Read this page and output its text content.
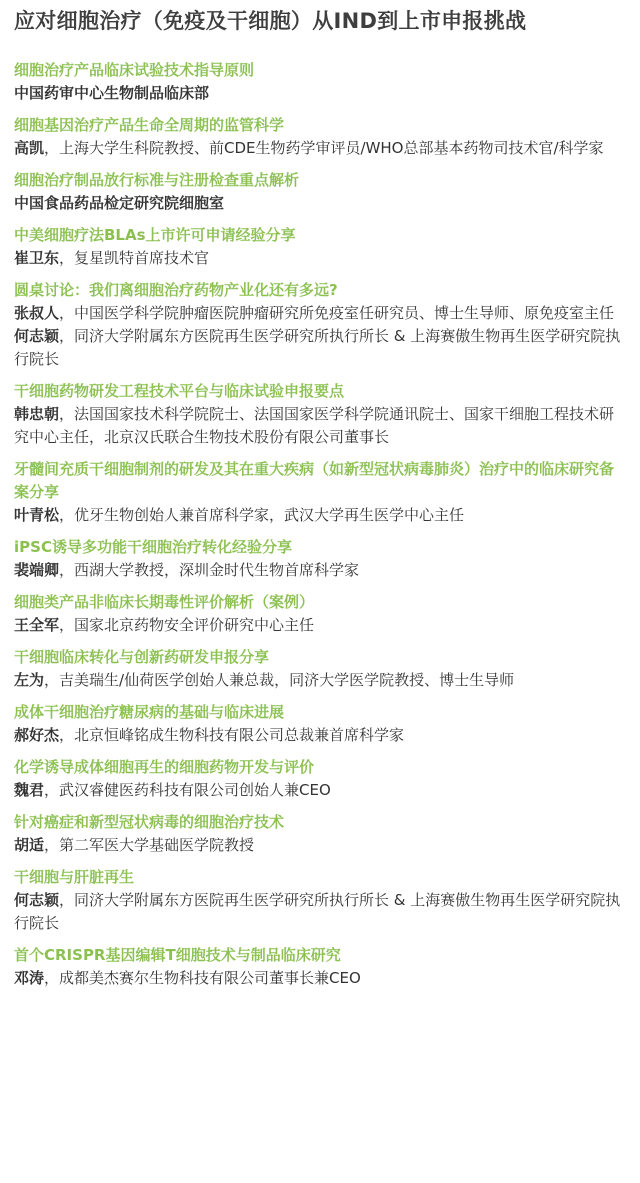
应对细胞治疗（免疫及干细胞）从IND到上市申报挑战

细胞治疗产品临床试验技术指导原则

中国药审中心生物制品临床部

细胞基因治疗产品生命全周期的监管科学

高凯，上海大学生科院教授、前CDE生物药学审评员/WHO总部基本药物司技术官/科学家

细胞治疗制品放行标准与注册检查重点解析

中国食品药品检定研究院细胞室

中美细胞疗法BLAs上市许可申请经验分享

崔卫东，复星凯特首席技术官

圆桌讨论：我们离细胞治疗药物产业化还有多远?

张叔人，中国医学科学院肿瘤医院肿瘤研究所免疫室任研究员、博士生导师、原免疫室主任

何志颖，同济大学附属东方医院再生医学研究所执行所长 & 上海赛傲生物再生医学研究院执行院长

干细胞药物研发工程技术平台与临床试验申报要点

韩忠朝，法国国家技术科学院院士、法国国家医学科学院通讯院士、国家干细胞工程技术研究中心主任，北京汉氏联合生物技术股份有限公司董事长

牙髓间充质干细胞制剂的研发及其在重大疾病（如新型冠状病毒肺炎）治疗中的临床研究备案分享

叶青松，优牙生物创始人兼首席科学家，武汉大学再生医学中心主任

iPSC诱导多功能干细胞治疗转化经验分享

裴端卿，西湖大学教授，深圳金时代生物首席科学家

细胞类产品非临床长期毒性评价解析（案例）

王全军，国家北京药物安全评价研究中心主任

干细胞临床转化与创新药研发申报分享

左为，吉美瑞生/仙荷医学创始人兼总裁，同济大学医学院教授、博士生导师

成体干细胞治疗糖尿病的基础与临床进展

郝好杰，北京恒峰铭成生物科技有限公司总裁兼首席科学家

化学诱导成体细胞再生的细胞药物开发与评价

魏君，武汉睿健医药科技有限公司创始人兼CEO

针对癌症和新型冠状病毒的细胞治疗技术

胡适，第二军医大学基础医学院教授

干细胞与肝脏再生

何志颖，同济大学附属东方医院再生医学研究所执行所长 & 上海赛傲生物再生医学研究院执行院长

首个CRISPR基因编辑T细胞技术与制品临床研究

邓涛，成都美杰赛尔生物科技有限公司董事长兼CEO
